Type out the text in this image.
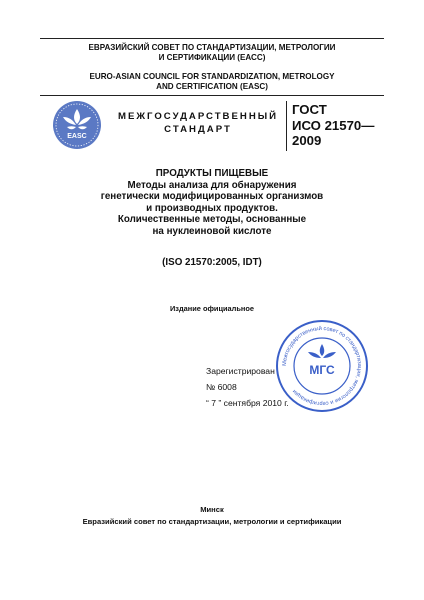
ЕВРАЗИЙСКИЙ СОВЕТ ПО СТАНДАРТИЗАЦИИ, МЕТРОЛОГИИ
И СЕРТИФИКАЦИИ (ЕАСС)
EURO-ASIAN COUNCIL FOR STANDARDIZATION, METROLOGY
AND CERTIFICATION (EASC)
EASC
МЕЖГОСУДАРСТВЕННЫЙ
СТАНДАРТ
ГОСТ
ИСО 21570—
2009
ПРОДУКТЫ ПИЩЕВЫЕ
Методы анализа для обнаружения
генетически модифицированных организмов
и производных продуктов.
Количественные методы, основанные
на нуклеиновой кислоте
(ISO 21570:2005, IDT)
Издание официальное
Межгосударственный совет по стандартизации, метрологии и сертификации
МГС
Зарегистрирован
№ 6008
“ 7 ” сентября 2010 г.
Минск
Евразийский совет по стандартизации, метрологии и сертификации
